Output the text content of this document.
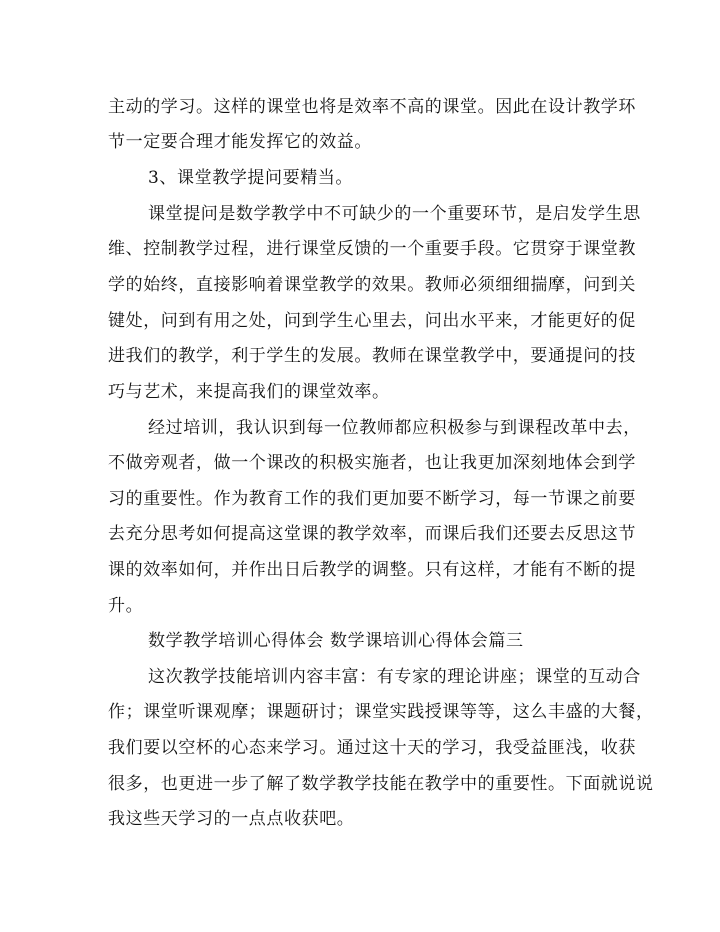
主动的学习。这样的课堂也将是效率不高的课堂。因此在设计教学环
节一定要合理才能发挥它的效益。
3、课堂教学提问要精当。
课堂提问是数学教学中不可缺少的一个重要环节，是启发学生思
维、控制教学过程，进行课堂反馈的一个重要手段。它贯穿于课堂教
学的始终，直接影响着课堂教学的效果。教师必须细细揣摩，问到关
键处，问到有用之处，问到学生心里去，问出水平来，才能更好的促
进我们的教学，利于学生的发展。教师在课堂教学中，要通提问的技
巧与艺术，来提高我们的课堂效率。
经过培训，我认识到每一位教师都应积极参与到课程改革中去，
不做旁观者，做一个课改的积极实施者，也让我更加深刻地体会到学
习的重要性。作为教育工作的我们更加要不断学习，每一节课之前要
去充分思考如何提高这堂课的教学效率，而课后我们还要去反思这节
课的效率如何，并作出日后教学的调整。只有这样，才能有不断的提
升。
数学教学培训心得体会 数学课培训心得体会篇三
这次教学技能培训内容丰富：有专家的理论讲座；课堂的互动合
作；课堂听课观摩；课题研讨；课堂实践授课等等，这么丰盛的大餐，
我们要以空杯的心态来学习。通过这十天的学习，我受益匪浅，收获
很多，也更进一步了解了数学教学技能在教学中的重要性。下面就说说
我这些天学习的一点点收获吧。
